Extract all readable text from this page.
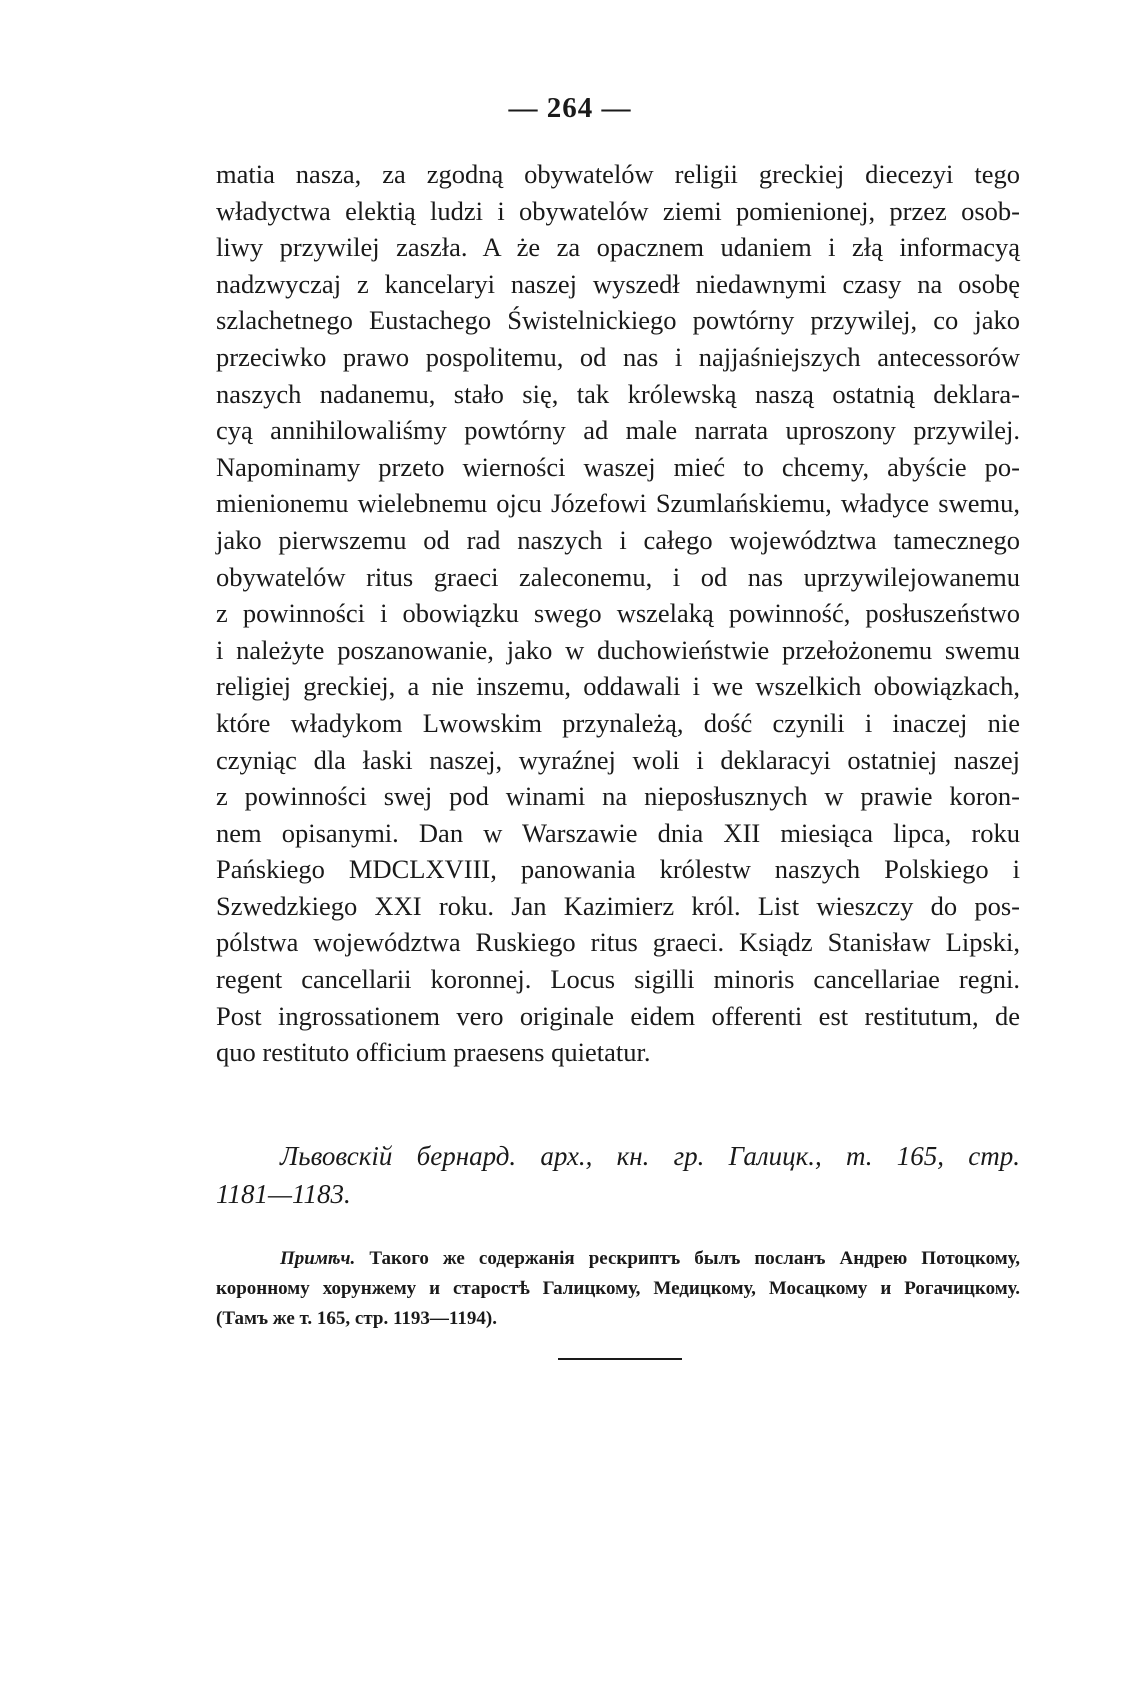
— 264 —
matia nasza, za zgodną obywatelów religii greckiej diecezyi tego
władyctwa elektią ludzi i obywatelów ziemi pomienionej, przez osob-
liwy przywilej zaszła. A że za opacznem udaniem i złą informacyą
nadzwyczaj z kancelaryi naszej wyszedł niedawnymi czasy na osobę
szlachetnego Eustachego Świstelnickiego powtórny przywilej, co jako
przeciwko prawo pospolitemu, od nas i najjaśniejszych antecessorów
naszych nadanemu, stało się, tak królewską naszą ostatnią deklara-
cyą annihilowaliśmy powtórny ad male narrata uproszony przywilej.
Napominamy przeto wierności waszej mieć to chcemy, abyście po-
mienionemu wielebnemu ojcu Józefowi Szumlańskiemu, władyce swemu,
jako pierwszemu od rad naszych i całego województwa tamecznego
obywatelów ritus graeci zaleconemu, i od nas uprzywilejowanemu
z powinności i obowiązku swego wszelaką powinność, posłuszeństwo
i należyte poszanowanie, jako w duchowieństwie przełożonemu swemu
religiej greckiej, a nie inszemu, oddawali i we wszelkich obowiązkach,
które władykom Lwowskim przynależą, dość czynili i inaczej nie
czyniąc dla łaski naszej, wyraźnej woli i deklaracyi ostatniej naszej
z powinności swej pod winami na nieposłusznych w prawie koron-
nem opisanymi. Dan w Warszawie dnia XII miesiąca lipca, roku
Pańskiego MDCLXVIII, panowania królestw naszych Polskiego i
Szwedzkiego XXI roku. Jan Kazimierz król. List wieszczy do pos-
pólstwa województwa Ruskiego ritus graeci. Ksiądz Stanisław Lipski,
regent cancellarii koronnej. Locus sigilli minoris cancellariae regni.
Post ingrossationem vero originale eidem offerenti est restitutum, de
quo restituto officium praesens quietatur.
Львовскій бернард. арх., кн. гр. Галицк., т. 165, стр.
1181—1183.
Примѣч. Такого же содержанія рескриптъ былъ посланъ Андрею Потоцкому,
коронному хорунжему и старостѣ Галицкому, Медицкому, Мосацкому и Рогачицкому.
(Тамъ же т. 165, стр. 1193—1194).
